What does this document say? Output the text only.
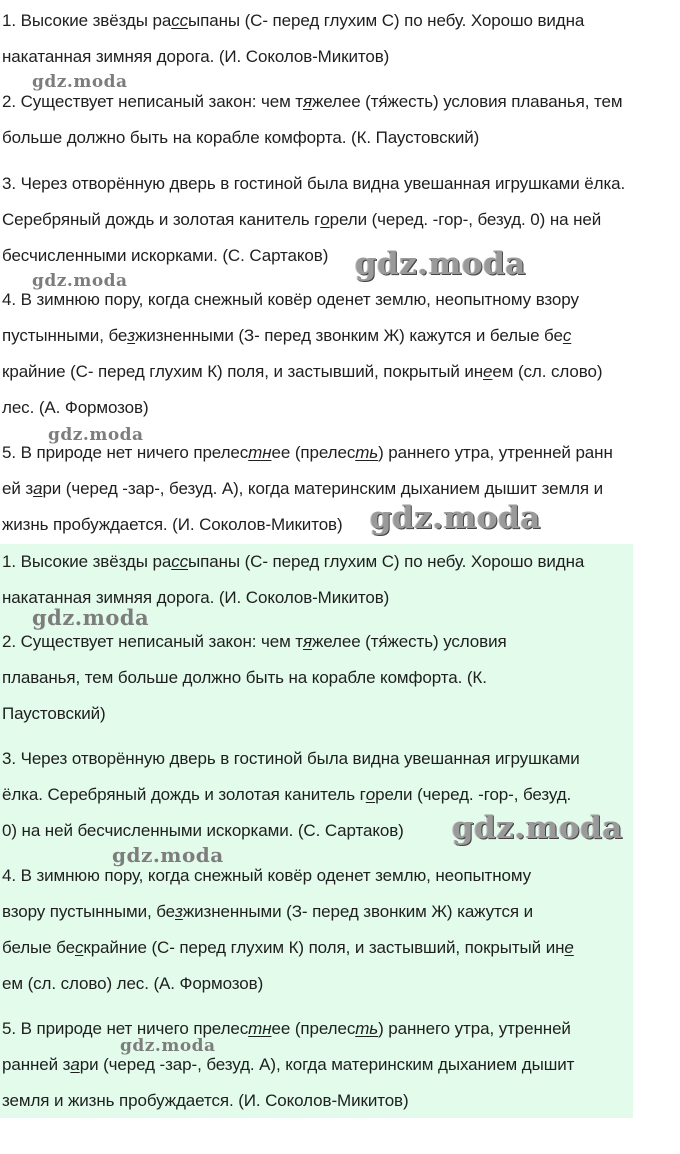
1. Высокие звёзды рассыпаны (С- перед глухим С) по небу. Хорошо видна
накатанная зимняя дорога. (И. Соколов-Микитов)
2. Существует неписаный закон: чем тяжелее (тя́жесть) условия плаванья, тем
больше должно быть на корабле комфорта. (К. Паустовский)
3. Через отворённую дверь в гостиной была видна увешанная игрушками ёлка.
Серебряный дождь и золотая канитель горели (черед. -гор-, безуд. 0) на ней
бесчисленными искорками. (С. Сартаков)
4. В зимнюю пору, когда снежный ковёр оденет землю, неопытному взору
пустынными, безжизненными (З- перед звонким Ж) кажутся и белые бес
крайние (С- перед глухим К) поля, и застывший, покрытый инеем (сл. слово)
лес. (А. Формозов)
5. В природе нет ничего прелестнее (прелесть) раннего утра, утренней ранн
ей зари (черед -зар-, безуд. А), когда материнским дыханием дышит земля и
жизнь пробуждается. (И. Соколов-Микитов)
1. Высокие звёзды рассыпаны (С- перед глухим С) по небу. Хорошо видна
накатанная зимняя дорога. (И. Соколов-Микитов)
2. Существует неписаный закон: чем тяжелее (тя́жесть) условия
плаванья, тем больше должно быть на корабле комфорта. (К.
Паустовский)
3. Через отворённую дверь в гостиной была видна увешанная игрушками
ёлка. Серебряный дождь и золотая канитель горели (черед. -гор-, безуд.
0) на ней бесчисленными искорками. (С. Сартаков)
4. В зимнюю пору, когда снежный ковёр оденет землю, неопытному
взору пустынными, безжизненными (З- перед звонким Ж) кажутся и
белые бескрайние (С- перед глухим К) поля, и застывший, покрытый ине
ем (сл. слово) лес. (А. Формозов)
5. В природе нет ничего прелестнее (прелесть) раннего утра, утренней
ранней зари (черед -зар-, безуд. А), когда материнским дыханием дышит
земля и жизнь пробуждается. (И. Соколов-Микитов)
gdz.moda
gdz.moda
gdz.moda
gdz.moda
gdz.moda
gdz.moda
gdz.moda
gdz.moda
gdz.moda
